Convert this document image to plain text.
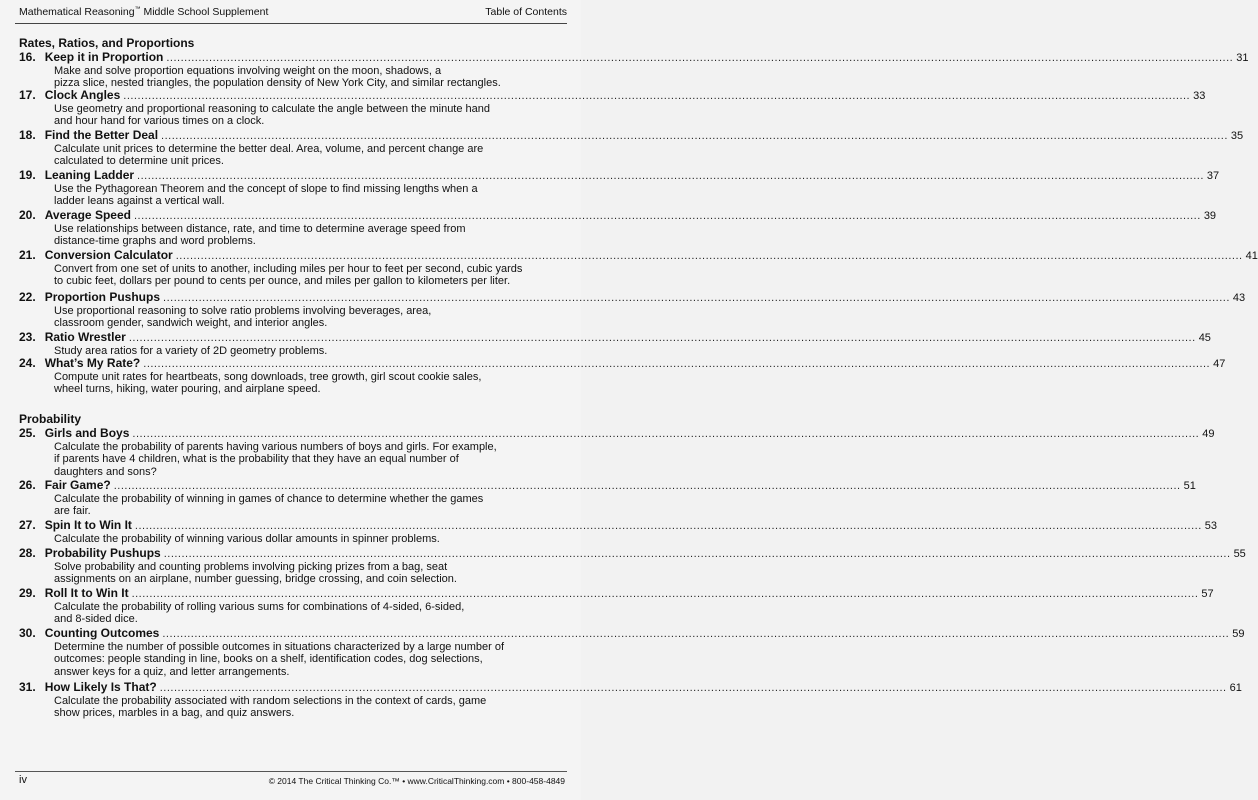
Mathematical Reasoning™ Middle School Supplement	Table of Contents
Rates, Ratios, and Proportions
16. Keep it in Proportion ............................................................................................................................................................................................................................................................................................................ 31
Make and solve proportion equations involving weight on the moon, shadows, a
pizza slice, nested triangles, the population density of New York City, and similar rectangles.
17. Clock Angles ............................................................................................................................................................................................................................................................................................................ 33
Use geometry and proportional reasoning to calculate the angle between the minute hand
and hour hand for various times on a clock.
18. Find the Better Deal ............................................................................................................................................................................................................................................................................................................ 35
Calculate unit prices to determine the better deal. Area, volume, and percent change are
calculated to determine unit prices.
19. Leaning Ladder ............................................................................................................................................................................................................................................................................................................ 37
Use the Pythagorean Theorem and the concept of slope to find missing lengths when a
ladder leans against a vertical wall.
20. Average Speed ............................................................................................................................................................................................................................................................................................................ 39
Use relationships between distance, rate, and time to determine average speed from
distance-time graphs and word problems.
21. Conversion Calculator ............................................................................................................................................................................................................................................................................................................ 41
Convert from one set of units to another, including miles per hour to feet per second, cubic yards
to cubic feet, dollars per pound to cents per ounce, and miles per gallon to kilometers per liter.
22. Proportion Pushups ............................................................................................................................................................................................................................................................................................................ 43
Use proportional reasoning to solve ratio problems involving beverages, area,
classroom gender, sandwich weight, and interior angles.
23. Ratio Wrestler ............................................................................................................................................................................................................................................................................................................ 45
Study area ratios for a variety of 2D geometry problems.
24. What’s My Rate? ............................................................................................................................................................................................................................................................................................................ 47
Compute unit rates for heartbeats, song downloads, tree growth, girl scout cookie sales,
wheel turns, hiking, water pouring, and airplane speed.
Probability
25. Girls and Boys ............................................................................................................................................................................................................................................................................................................ 49
Calculate the probability of parents having various numbers of boys and girls. For example,
if parents have 4 children, what is the probability that they have an equal number of
daughters and sons?
26. Fair Game? ............................................................................................................................................................................................................................................................................................................ 51
Calculate the probability of winning in games of chance to determine whether the games
are fair.
27. Spin It to Win It ............................................................................................................................................................................................................................................................................................................ 53
Calculate the probability of winning various dollar amounts in spinner problems.
28. Probability Pushups ............................................................................................................................................................................................................................................................................................................ 55
Solve probability and counting problems involving picking prizes from a bag, seat
assignments on an airplane, number guessing, bridge crossing, and coin selection.
29. Roll It to Win It ............................................................................................................................................................................................................................................................................................................ 57
Calculate the probability of rolling various sums for combinations of 4-sided, 6-sided,
and 8-sided dice.
30. Counting Outcomes ............................................................................................................................................................................................................................................................................................................ 59
Determine the number of possible outcomes in situations characterized by a large number of
outcomes: people standing in line, books on a shelf, identification codes, dog selections,
answer keys for a quiz, and letter arrangements.
31. How Likely Is That? ............................................................................................................................................................................................................................................................................................................ 61
Calculate the probability associated with random selections in the context of cards, game
show prices, marbles in a bag, and quiz answers.
iv	© 2014 The Critical Thinking Co.™ • www.CriticalThinking.com • 800-458-4849
